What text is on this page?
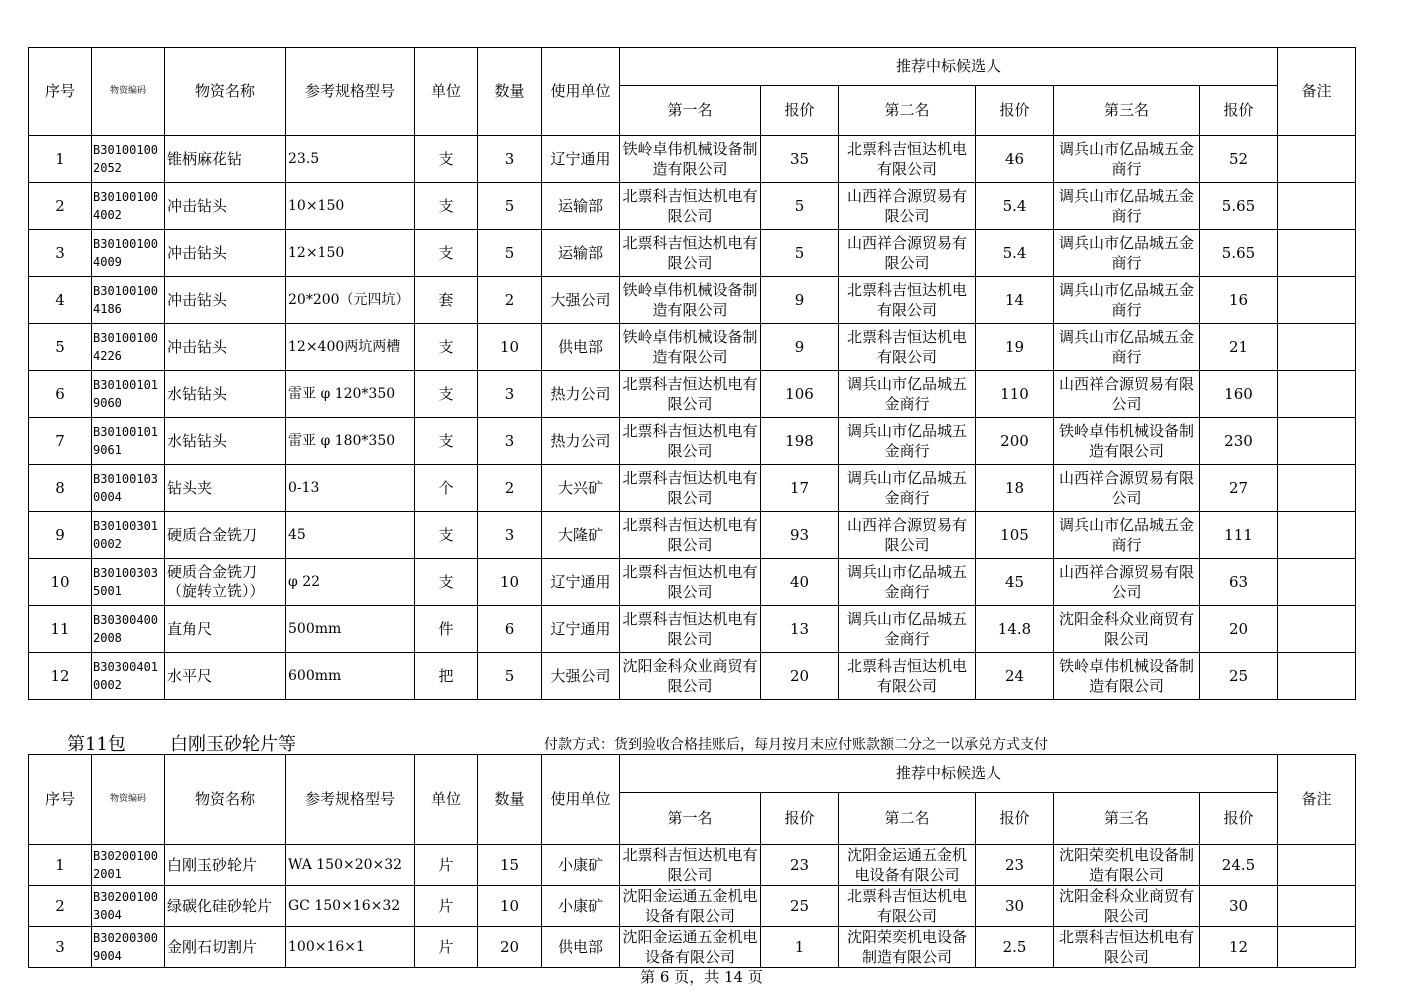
序号	物资编码	物资名称	参考规格型号	单位	数量	使用单位	推荐中标候选人						备注
							第一名	报价	第二名	报价	第三名	报价	
1	B30100100 2052	锥柄麻花钻	23.5	支	3	辽宁通用	铁岭卓伟机械设备制造有限公司	35	北票科吉恒达机电有限公司	46	调兵山市亿品城五金商行	52	
2	B30100100 4002	冲击钻头	10×150	支	5	运输部	北票科吉恒达机电有限公司	5	山西祥合源贸易有限公司	5.4	调兵山市亿品城五金商行	5.65	
3	B30100100 4009	冲击钻头	12×150	支	5	运输部	北票科吉恒达机电有限公司	5	山西祥合源贸易有限公司	5.4	调兵山市亿品城五金商行	5.65	
4	B30100100 4186	冲击钻头	20*200（元四坑）	套	2	大强公司	铁岭卓伟机械设备制造有限公司	9	北票科吉恒达机电有限公司	14	调兵山市亿品城五金商行	16	
5	B30100100 4226	冲击钻头	12×400两坑两槽	支	10	供电部	铁岭卓伟机械设备制造有限公司	9	北票科吉恒达机电有限公司	19	调兵山市亿品城五金商行	21	
6	B30100101 9060	水钻钻头	雷亚 φ 120*350	支	3	热力公司	北票科吉恒达机电有限公司	106	调兵山市亿品城五金商行	110	山西祥合源贸易有限公司	160	
7	B30100101 9061	水钻钻头	雷亚 φ 180*350	支	3	热力公司	北票科吉恒达机电有限公司	198	调兵山市亿品城五金商行	200	铁岭卓伟机械设备制造有限公司	230	
8	B30100103 0004	钻头夹	0-13	个	2	大兴矿	北票科吉恒达机电有限公司	17	调兵山市亿品城五金商行	18	山西祥合源贸易有限公司	27	
9	B30100301 0002	硬质合金铣刀	45	支	3	大隆矿	北票科吉恒达机电有限公司	93	山西祥合源贸易有限公司	105	调兵山市亿品城五金商行	111	
10	B30100303 5001	硬质合金铣刀（旋转立铣））	φ 22	支	10	辽宁通用	北票科吉恒达机电有限公司	40	调兵山市亿品城五金商行	45	山西祥合源贸易有限公司	63	
11	B30300400 2008	直角尺	500mm	件	6	辽宁通用	北票科吉恒达机电有限公司	13	调兵山市亿品城五金商行	14.8	沈阳金科众业商贸有限公司	20	
12	B30300401 0002	水平尺	600mm	把	5	大强公司	沈阳金科众业商贸有限公司	20	北票科吉恒达机电有限公司	24	铁岭卓伟机械设备制造有限公司	25	
第11包 白刚玉砂轮片等	付款方式：货到验收合格挂账后，每月按月末应付账款额二分之一以承兑方式支付
序号	物资编码	物资名称	参考规格型号	单位	数量	使用单位	推荐中标候选人						备注
							第一名	报价	第二名	报价	第三名	报价	
1	B30200100 2001	白刚玉砂轮片	WA 150×20×32	片	15	小康矿	北票科吉恒达机电有限公司	23	沈阳金运通五金机电设备有限公司	23	沈阳荣奕机电设备制造有限公司	24.5	
2	B30200100 3004	绿碳化硅砂轮片	GC 150×16×32	片	10	小康矿	沈阳金运通五金机电设备有限公司	25	北票科吉恒达机电有限公司	30	沈阳金科众业商贸有限公司	30	
3	B30200300 9004	金刚石切割片	100×16×1	片	20	供电部	沈阳金运通五金机电设备有限公司	1	沈阳荣奕机电设备制造有限公司	2.5	北票科吉恒达机电有限公司	12	
第 6 页，共 14 页
